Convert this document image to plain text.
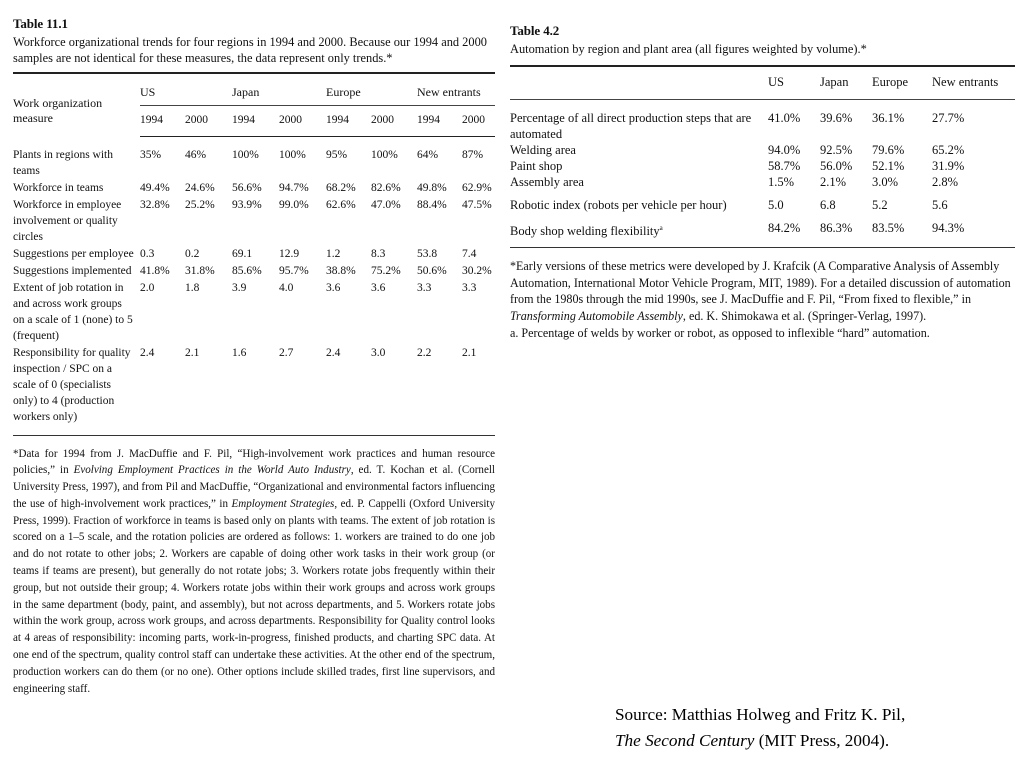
Table 11.1
Workforce organizational trends for four regions in 1994 and 2000. Because our 1994 and 2000 samples are not identical for these measures, the data represent only trends.*
Work organization measure	US		Japan		Europe		New entrants	
	1994	2000	1994	2000	1994	2000	1994	2000
Plants in regions with teams	35%	46%	100%	100%	95%	100%	64%	87%
Workforce in teams	49.4%	24.6%	56.6%	94.7%	68.2%	82.6%	49.8%	62.9%
Workforce in employee involvement or quality circles	32.8%	25.2%	93.9%	99.0%	62.6%	47.0%	88.4%	47.5%
Suggestions per employee	0.3	0.2	69.1	12.9	1.2	8.3	53.8	7.4
Suggestions implemented	41.8%	31.8%	85.6%	95.7%	38.8%	75.2%	50.6%	30.2%
Extent of job rotation in and across work groups on a scale of 1 (none) to 5 (frequent)	2.0	1.8	3.9	4.0	3.6	3.6	3.3	3.3
Responsibility for quality inspection / SPC on a scale of 0 (specialists only) to 4 (production workers only)	2.4	2.1	1.6	2.7	2.4	3.0	2.2	2.1
*Data for 1994 from J. MacDuffie and F. Pil, “High-involvement work practices and human resource policies,” in Evolving Employment Practices in the World Auto Industry, ed. T. Kochan et al. (Cornell University Press, 1997), and from Pil and MacDuffie, “Organizational and environmental factors influencing the use of high-involvement work practices,” in Employment Strategies, ed. P. Cappelli (Oxford University Press, 1999). Fraction of workforce in teams is based only on plants with teams. The extent of job rotation is scored on a 1–5 scale, and the rotation policies are ordered as follows: 1. workers are trained to do one job and do not rotate to other jobs; 2. Workers are capable of doing other work tasks in their work group (or teams if teams are present), but generally do not rotate jobs; 3. Workers rotate jobs frequently within their group, but not outside their group; 4. Workers rotate jobs within their work groups and across work groups in the same department (body, paint, and assembly), but not across departments, and 5. Workers rotate jobs within the work group, across work groups, and across departments. Responsibility for Quality control looks at 4 areas of responsibility: incoming parts, work-in-progress, finished products, and charting SPC data. At one end of the spectrum, quality control staff can undertake these activities. At the other end of the spectrum, production workers can do them (or no one). Other options include skilled trades, first line supervisors, and engineering staff.
Table 4.2
Automation by region and plant area (all figures weighted by volume).*
	US	Japan	Europe	New entrants
Percentage of all direct production steps that are automated	41.0%	39.6%	36.1%	27.7%
Welding area	94.0%	92.5%	79.6%	65.2%
Paint shop	58.7%	56.0%	52.1%	31.9%
Assembly area	1.5%	2.1%	3.0%	2.8%
Robotic index (robots per vehicle per hour)	5.0	6.8	5.2	5.6
Body shop welding flexibility$^a$	84.2%	86.3%	83.5%	94.3%
*Early versions of these metrics were developed by J. Krafcik (A Comparative Analysis of Assembly Automation, International Motor Vehicle Program, MIT, 1989). For a detailed discussion of automation from the 1980s through the mid 1990s, see J. MacDuffie and F. Pil, “From fixed to flexible,” in Transforming Automobile Assembly, ed. K. Shimokawa et al. (Springer-Verlag, 1997).
a. Percentage of welds by worker or robot, as opposed to inflexible “hard” automation.
Source: Matthias Holweg and Fritz K. Pil,
The Second Century (MIT Press, 2004).
